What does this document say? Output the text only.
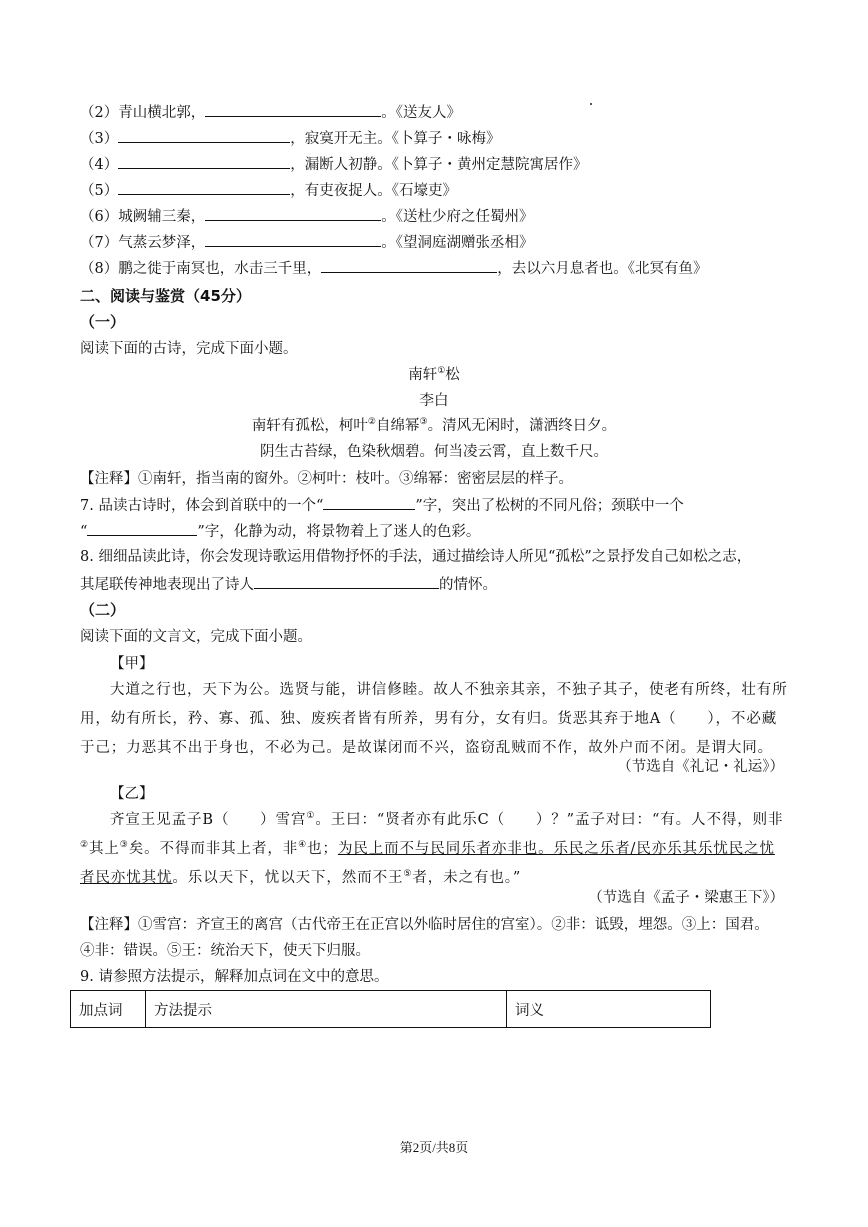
（2）青山横北郭，	。《送友人》
（3）	，寂寞开无主。《卜算子・咏梅》
（4）	，漏断人初静。《卜算子・黄州定慧院寓居作》
（5）	，有吏夜捉人。《石壕吏》
（6）城阙辅三秦，	。《送杜少府之任蜀州》
（7）气蒸云梦泽，	。《望洞庭湖赠张丞相》
（8）鹏之徙于南冥也，水击三千里，	，去以六月息者也。《北冥有鱼》
二、阅读与鉴赏（45分）
（一）
阅读下面的古诗，完成下面小题。
南轩①松
李白
南轩有孤松，柯叶②自绵幂③。清风无闲时，潇洒终日夕。
阴生古苔绿，色染秋烟碧。何当凌云霄，直上数千尺。
【注释】①南轩，指当南的窗外。②柯叶：枝叶。③绵幂：密密层层的样子。
7. 品读古诗时，体会到首联中的一个“	”字，突出了松树的不同凡俗；颈联中一个
“	”字，化静为动，将景物着上了迷人的色彩。
8. 细细品读此诗，你会发现诗歌运用借物抒怀的手法，通过描绘诗人所见“孤松”之景抒发自己如松之志，
其尾联传神地表现出了诗人	的情怀。
（二）
阅读下面的文言文，完成下面小题。
【甲】
大道之行也，天下为公。选贤与能，讲信修睦。故人不独亲其亲，不独子其子，使老有所终，壮有所用，幼有所长，矜、寡、孤、独、废疾者皆有所养，男有分，女有归。货恶其弃于地A（　　），不必藏于己；力恶其不出于身也，不必为己。是故谋闭而不兴，盗窃乱贼而不作，故外户而不闭。是谓大同。
（节选自《礼记・礼运》）
【乙】
齐宣王见孟子B（　　）雪宫①。王曰：“贤者亦有此乐C（　　）？”孟子对曰：“有。人不得，则非②其上③矣。不得而非其上者，非④也；为民上而不与民同乐者亦非也。乐民之乐者/民亦乐其乐忧民之忧者民亦忧其忧。乐以天下，忧以天下，然而不王⑤者，未之有也。”
（节选自《孟子・梁惠王下》）
【注释】①雪宫：齐宣王的离宫（古代帝王在正宫以外临时居住的宫室）。②非：诋毁，埋怨。③上：国君。
④非：错误。⑤王：统治天下，使天下归服。
9. 请参照方法提示，解释加点词在文中的意思。
加点词	方法提示	词义
第2页/共8页
